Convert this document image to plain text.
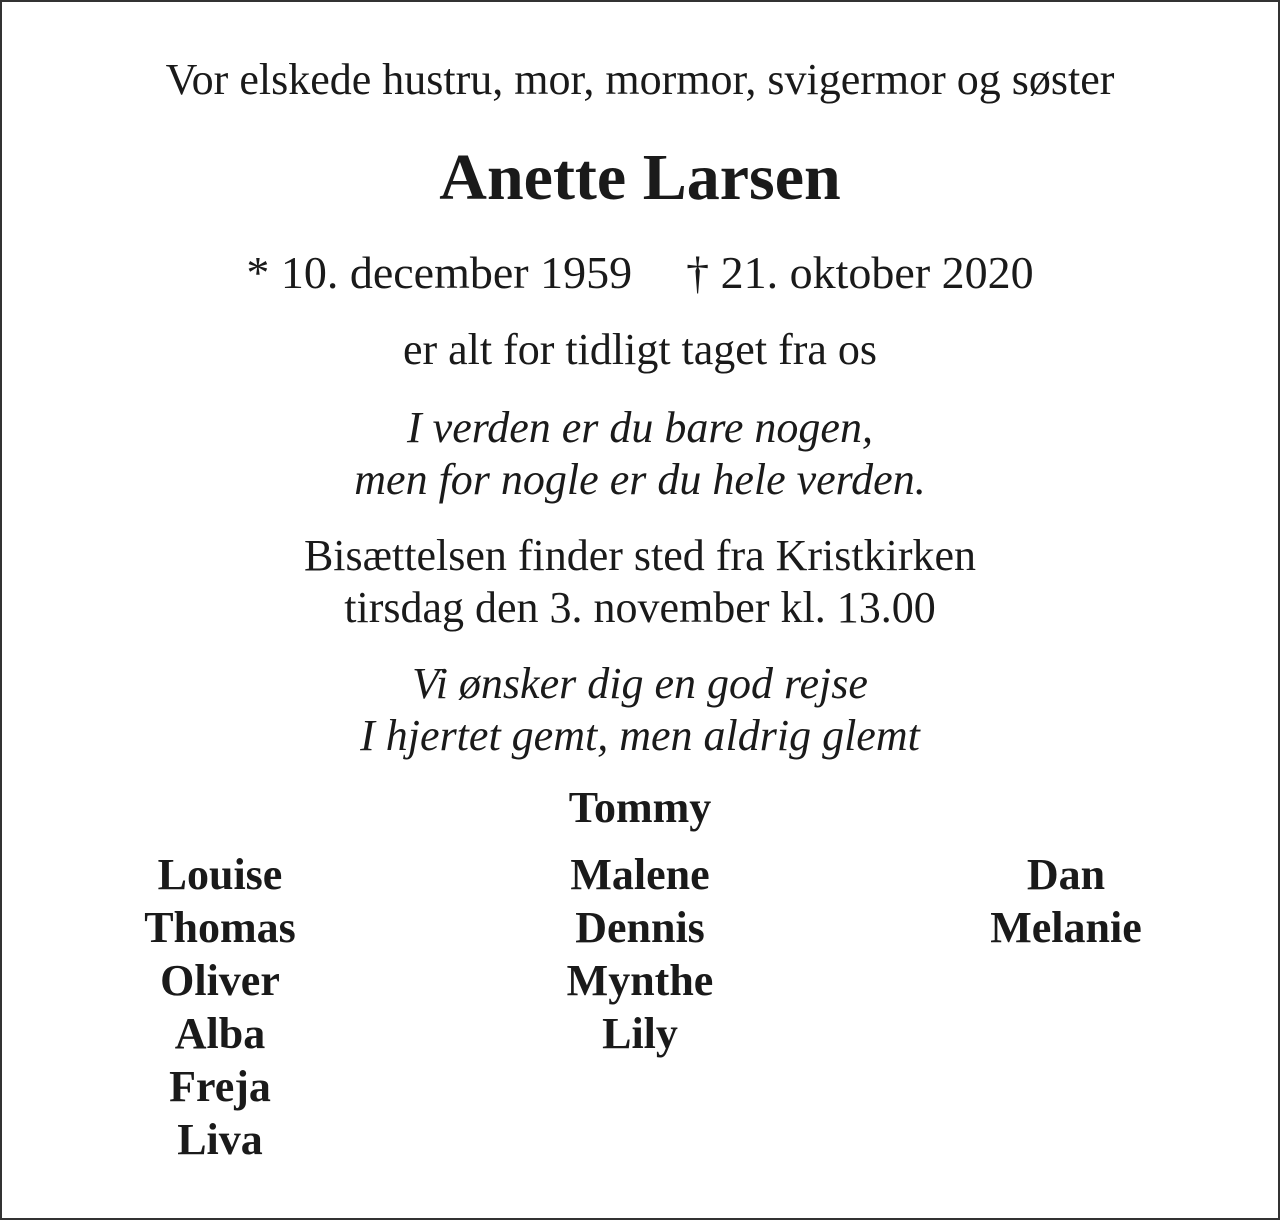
Vor elskede hustru, mor, mormor, svigermor og søster
Anette Larsen
* 10. december 1959 † 21. oktober 2020
er alt for tidligt taget fra os
I verden er du bare nogen,
men for nogle er du hele verden.
Bisættelsen finder sted fra Kristkirken
tirsdag den 3. november kl. 13.00
Vi ønsker dig en god rejse
I hjertet gemt, men aldrig glemt
Tommy
Louise
Thomas
Oliver
Alba
Freja
Liva
Malene
Dennis
Mynthe
Lily
Dan
Melanie
